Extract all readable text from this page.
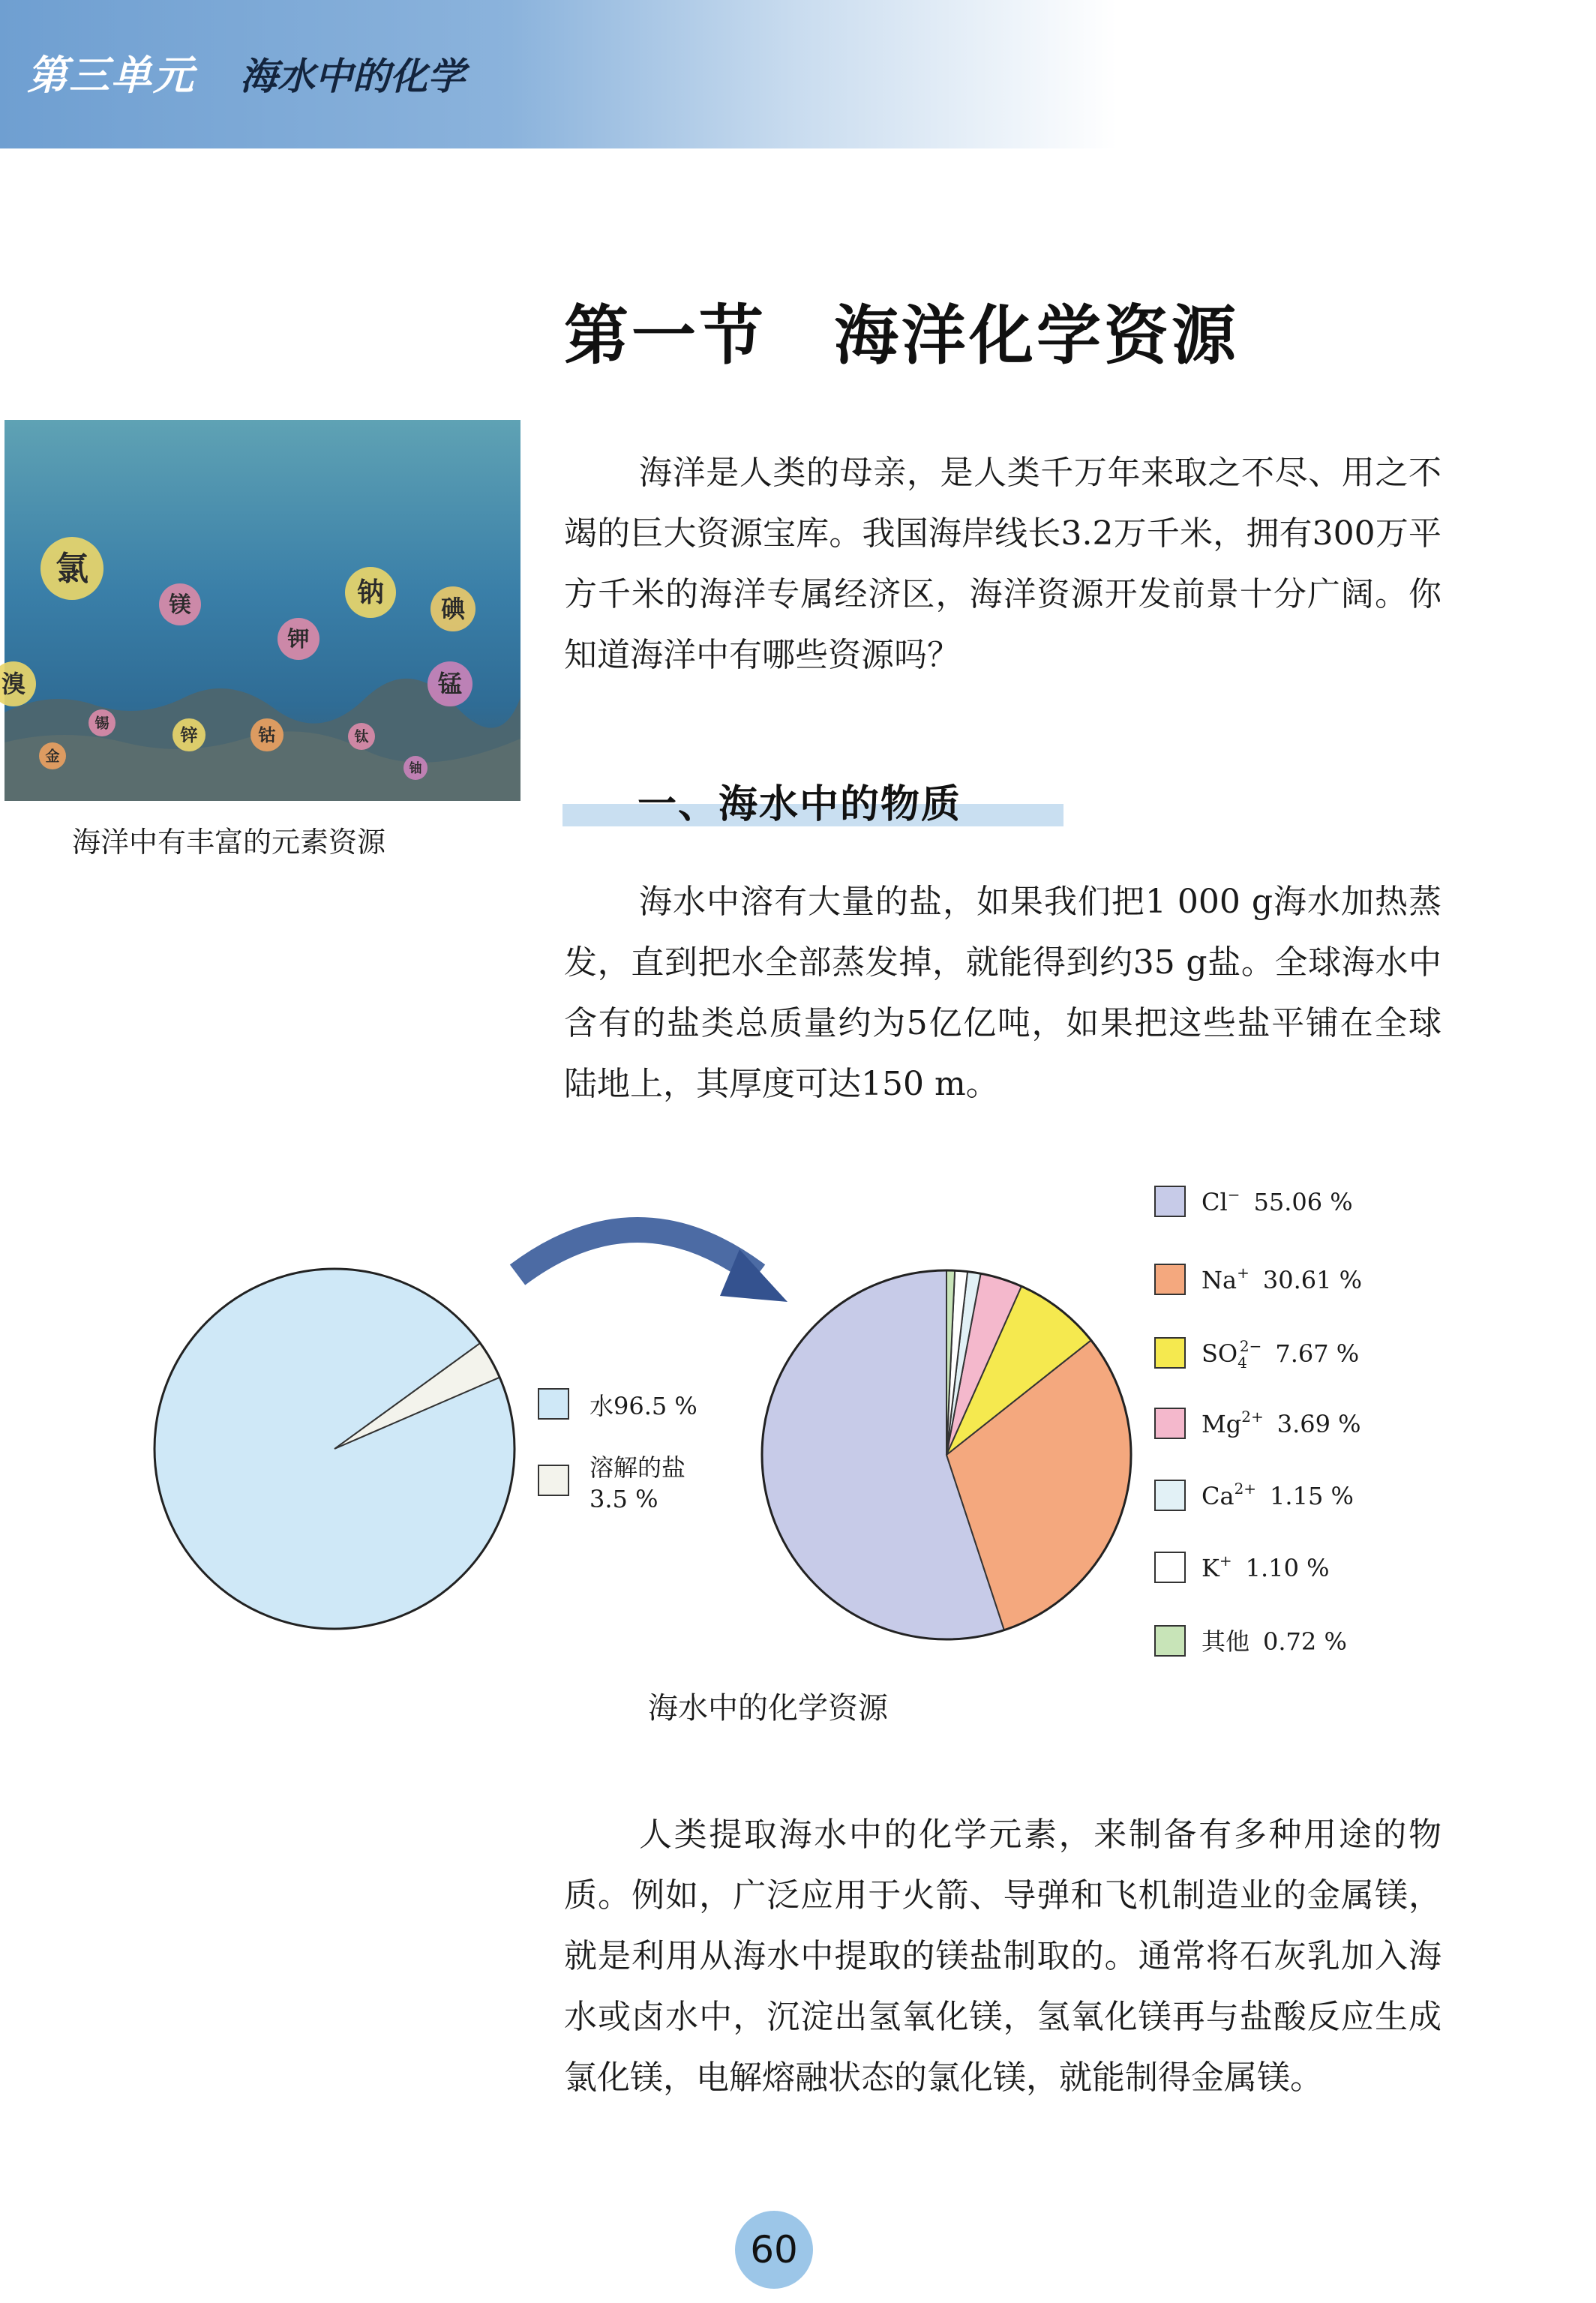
第三单元 海水中的化学
第一节　海洋化学资源
氯
镁	钠
碘
钾
锰
溴
锡
锌	钴	钛
铀
金
海洋中有丰富的元素资源
海洋是人类的母亲，是人类千万年来取之不尽、用之不竭的巨大资源宝库。我国海岸线长3.2万千米，拥有300万平方千米的海洋专属经济区，海洋资源开发前景十分广阔。你知道海洋中有哪些资源吗？
一、海水中的物质
海水中溶有大量的盐，如果我们把1 000 g海水加热蒸发，直到把水全部蒸发掉，就能得到约35 g盐。全球海水中含有的盐类总质量约为5亿亿吨，如果把这些盐平铺在全球陆地上，其厚度可达150 m。
水96.5 %
溶解的盐
3.5 %
Cl− 55.06 %
Na+ 30.61 %
$SO_42- 7.67$ %
$Mg^{2+}$ 3.69 %
$Ca^{2+}$ 1.15 %
K+ 1.10 %
其他 0.72 %
海水中的化学资源
人类提取海水中的化学元素，来制备有多种用途的物质。例如，广泛应用于火箭、导弹和飞机制造业的金属镁，就是利用从海水中提取的镁盐制取的。通常将石灰乳加入海水或卤水中，沉淀出氢氧化镁，氢氧化镁再与盐酸反应生成氯化镁，电解熔融状态的氯化镁，就能制得金属镁。
60
